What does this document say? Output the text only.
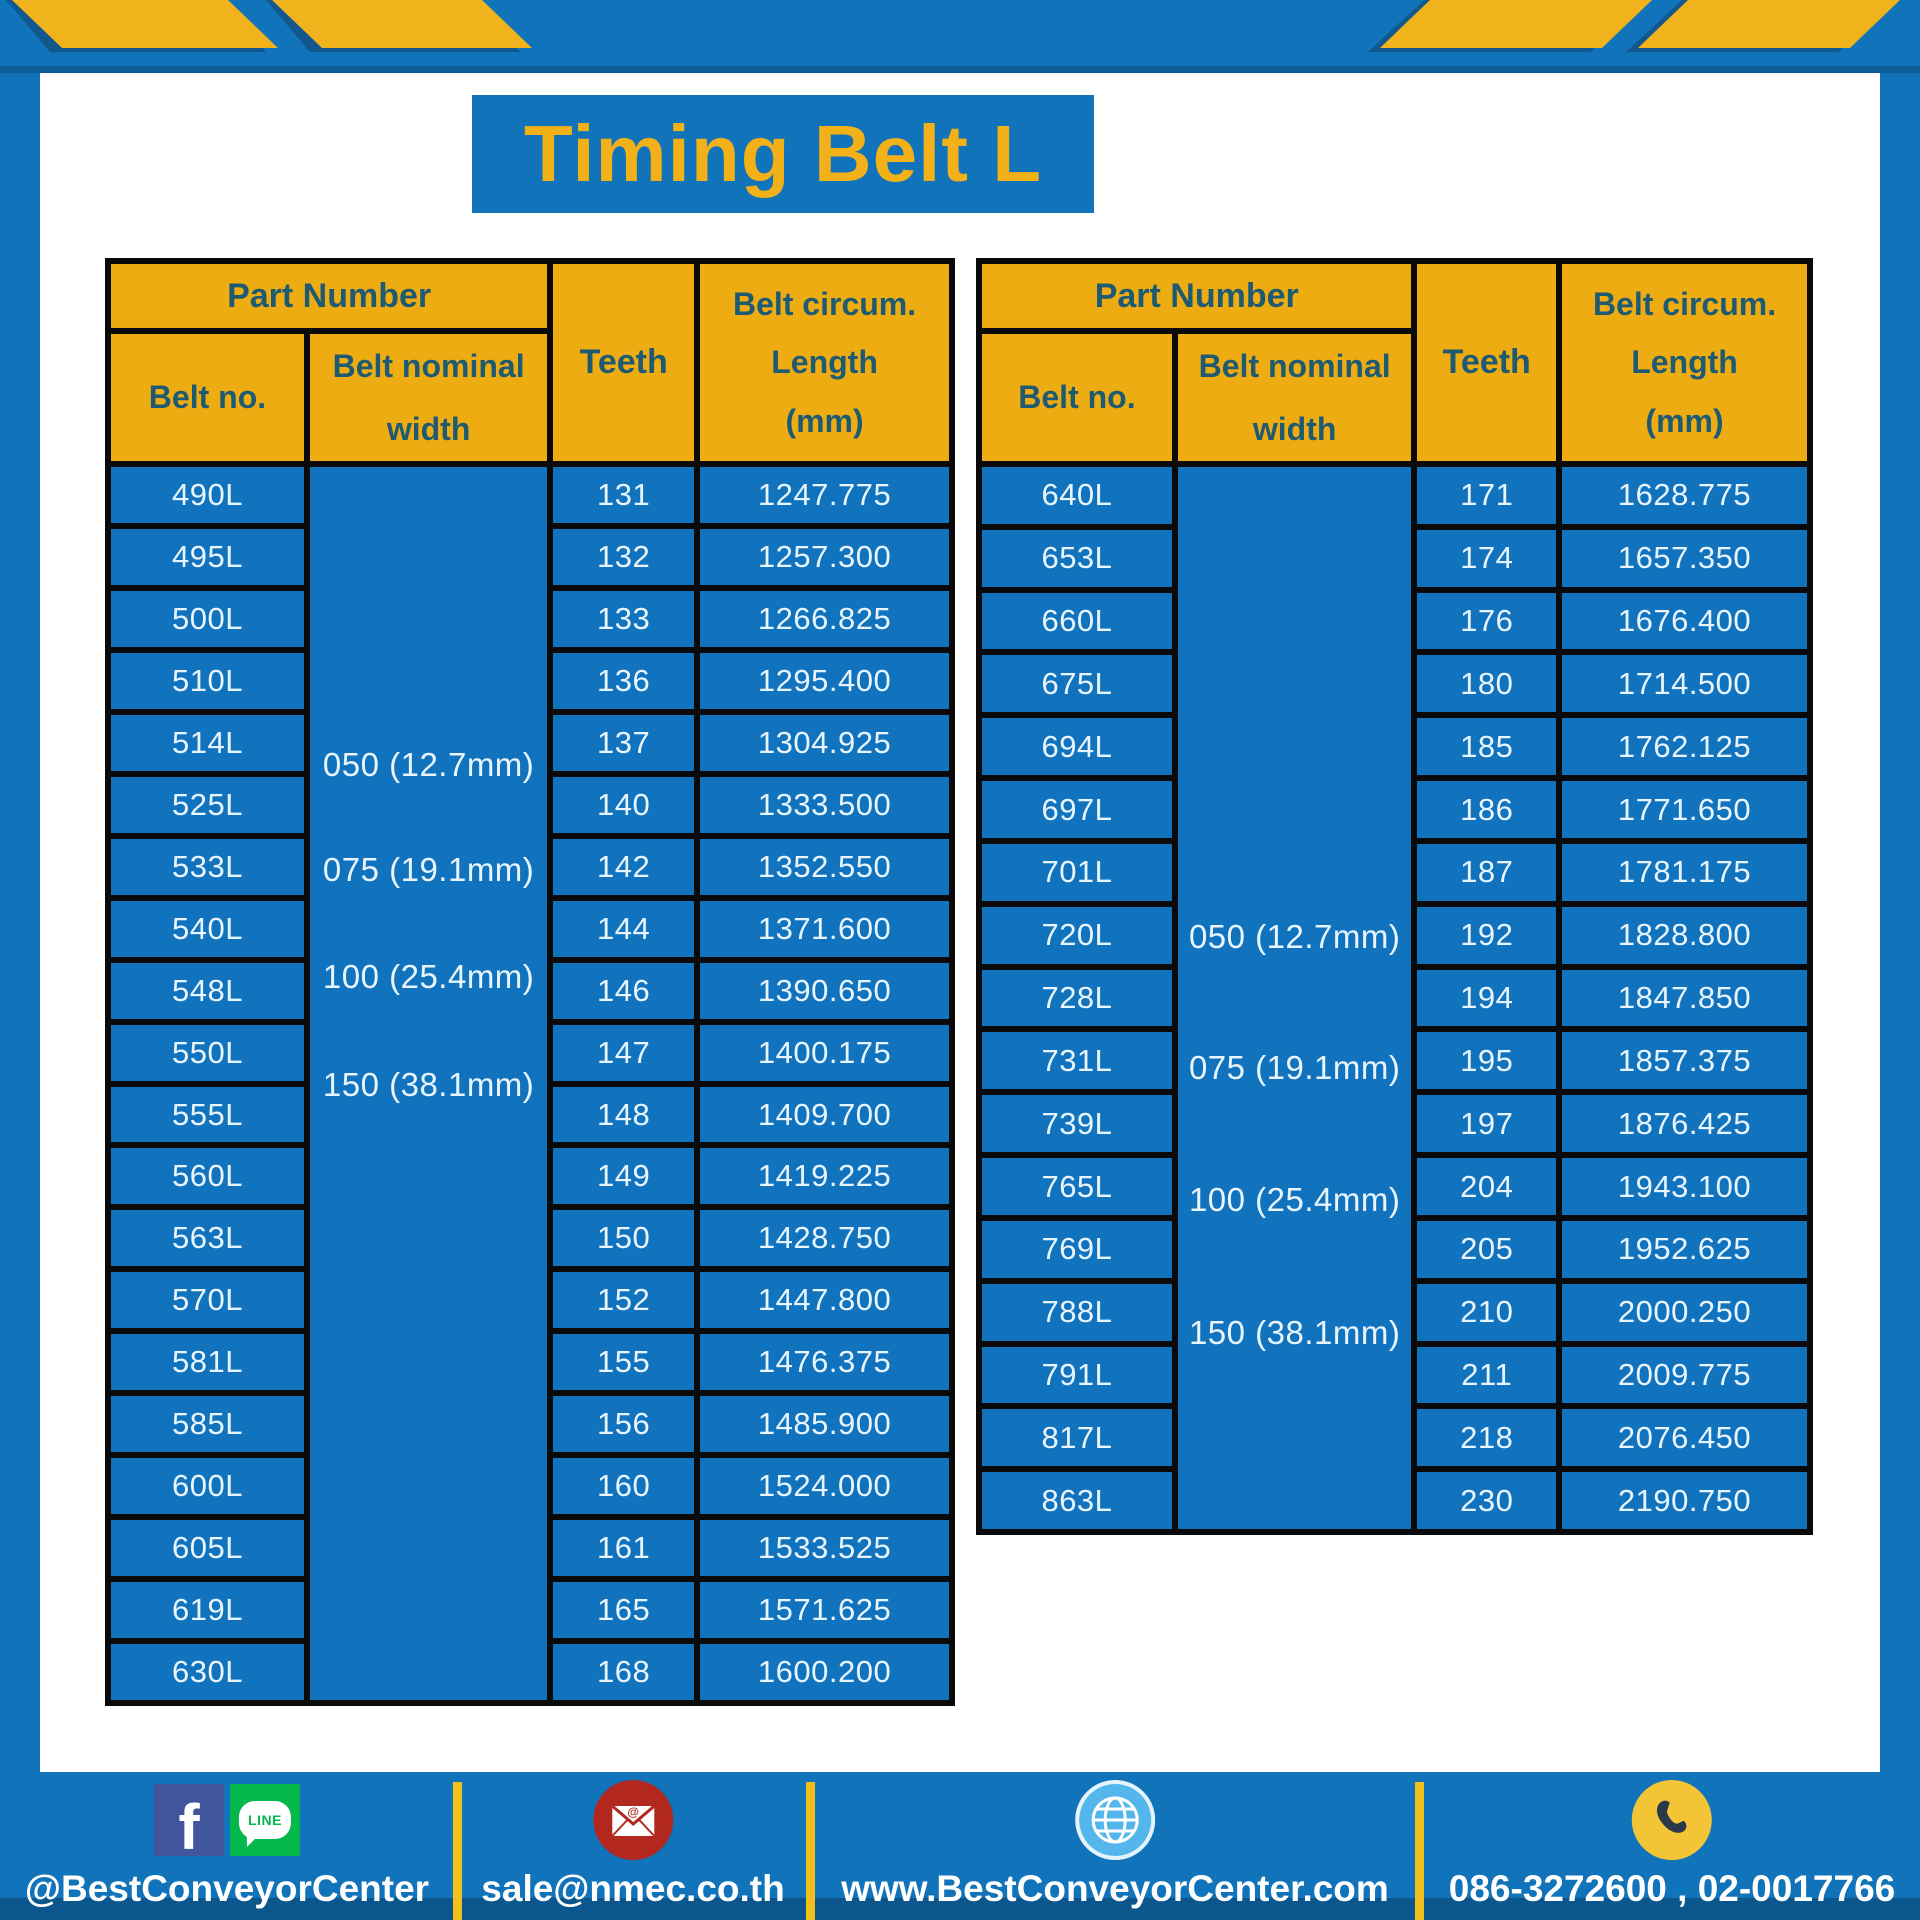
Timing Belt L
Part Number
Belt no.
Belt nominal
width
Teeth
Belt circum.
Length
(mm)
490L
495L
500L
510L
514L
525L
533L
540L
548L
550L
555L
560L
563L
570L
581L
585L
600L
605L
619L
630L
050 (12.7mm)
075 (19.1mm)
100 (25.4mm)
150 (38.1mm)
131
132
133
136
137
140
142
144
146
147
148
149
150
152
155
156
160
161
165
168
1247.775
1257.300
1266.825
1295.400
1304.925
1333.500
1352.550
1371.600
1390.650
1400.175
1409.700
1419.225
1428.750
1447.800
1476.375
1485.900
1524.000
1533.525
1571.625
1600.200
Part Number
Belt no.
Belt nominal
width
Teeth
Belt circum.
Length
(mm)
640L
653L
660L
675L
694L
697L
701L
720L
728L
731L
739L
765L
769L
788L
791L
817L
863L
050 (12.7mm)
075 (19.1mm)
100 (25.4mm)
150 (38.1mm)
171
174
176
180
185
186
187
192
194
195
197
204
205
210
211
218
230
1628.775
1657.350
1676.400
1714.500
1762.125
1771.650
1781.175
1828.800
1847.850
1857.375
1876.425
1943.100
1952.625
2000.250
2009.775
2076.450
2190.750
f	LINE
@BestConveyorCenter
@
sale@nmec.co.th www.BestConveyorCenter.com 086-3272600 , 02-0017766
